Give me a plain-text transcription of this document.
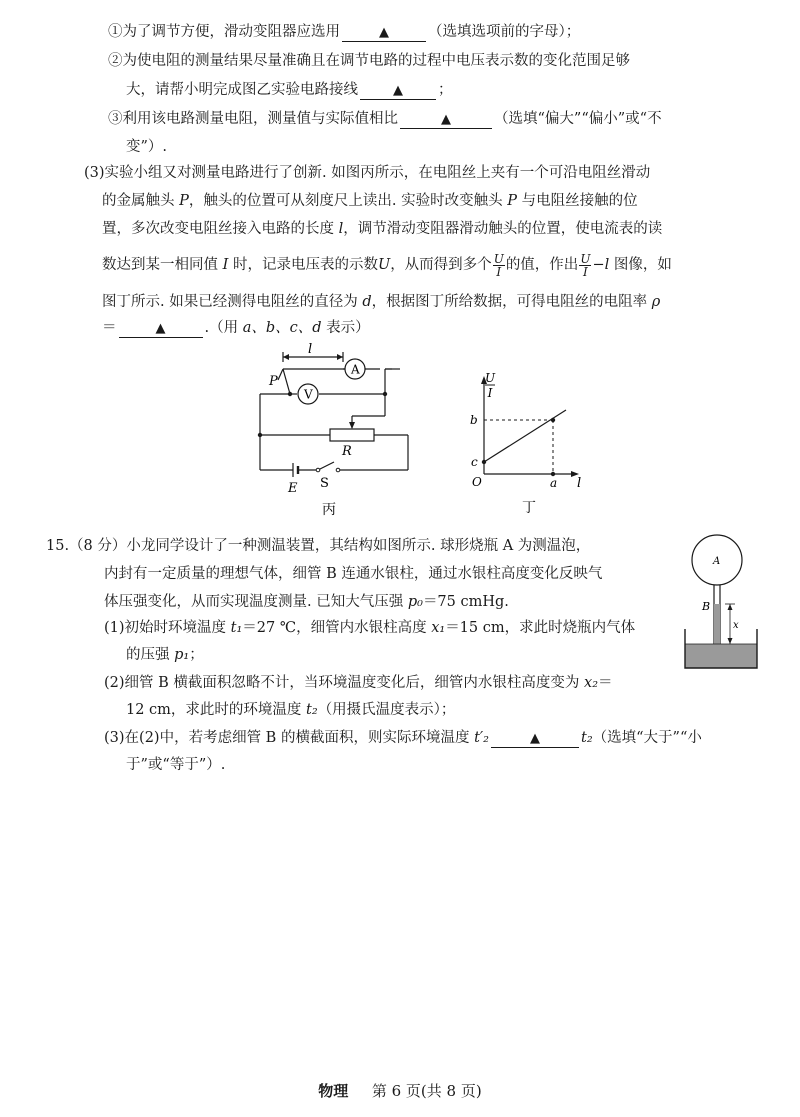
①为了调节方便，滑动变阻器应选用	▲	（选填选项前的字母）；
②为使电阻的测量结果尽量准确且在调节电路的过程中电压表示数的变化范围足够
大，请帮小明完成图乙实验电路接线	▲ ；
③利用该电路测量电阻，测量值与实际值相比	▲	（选填“偏大”“偏小”或“不
变”）.
(3)实验小组又对测量电路进行了创新. 如图丙所示，在电阻丝上夹有一个可沿电阻丝滑动
的金属触头 P，触头的位置可从刻度尺上读出. 实验时改变触头 P 与电阻丝接触的位
置，多次改变电阻丝接入电路的长度 l，调节滑动变阻器滑动触头的位置，使电流表的读
数达到某一相同值 I 时，记录电压表的示数U，从而得到多个 $\frac{U}{I}$ 的值，作出 $\frac{U}{I} -l$ 图像，如
图丁所示. 如果已经测得电阻丝的直径为 d，根据图丁所给数据，可得电阻丝的电阻率 ρ
＝	▲	.（用 a、b、c、d 表示）
A
V
l
P
R
E S
丙
U
I
b
c
O	a l
丁
15.（8 分）小龙同学设计了一种测温装置，其结构如图所示. 球形烧瓶 A 为测温泡，
内封有一定质量的理想气体，细管 B 连通水银柱，通过水银柱高度变化反映气
体压强变化，从而实现温度测量. 已知大气压强 p₀＝75 cmHg.
(1)初始时环境温度 t₁＝27 ℃，细管内水银柱高度 x₁＝15 cm，求此时烧瓶内气体
的压强 p₁；
(2)细管 B 横截面积忽略不计，当环境温度变化后，细管内水银柱高度变为 x₂＝
12 cm，求此时的环境温度 t₂（用摄氏温度表示）；
(3)在(2)中，若考虑细管 B 的横截面积，则实际环境温度 t′₂	▲	t₂（选填“大于”“小
于”或“等于”）.
A
B
x
物理 第 6 页(共 8 页)
